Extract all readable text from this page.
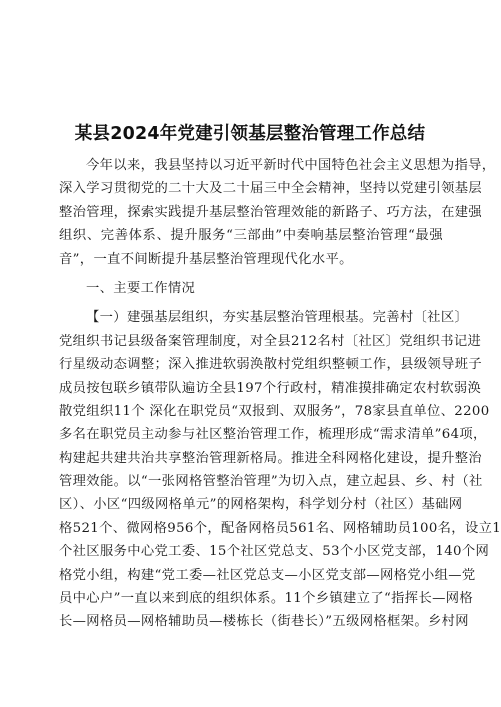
某县2024年党建引领基层整治管理工作总结
今年以来，我县坚持以习近平新时代中国特色社会主义思想为指导，
深入学习贯彻党的二十大及二十届三中全会精神，坚持以党建引领基层
整治管理，探索实践提升基层整治管理效能的新路子、巧方法，在建强
组织、完善体系、提升服务“三部曲”中奏响基层整治管理“最强
音”，一直不间断提升基层整治管理现代化水平。
一、主要工作情况
【一）建强基层组织，夯实基层整治管理根基。完善村〔社区〕
党组织书记县级备案管理制度，对全县212名村〔社区〕党组织书记进
行星级动态调整；深入推进软弱涣散村党组织整顿工作，县级领导班子
成员按包联乡镇带队遍访全县197个行政村，精准摸排确定农村软弱涣
散党组织11个 深化在职党员“双报到、双服务”，78家县直单位、2200
多名在职党员主动参与社区整治管理工作，梳理形成“需求清单”64项，
构建起共建共治共享整治管理新格局。推进全科网格化建设，提升整治
管理效能。以“一张网格管整治管理”为切入点，建立起县、乡、村（社
区）、小区“四级网格单元”的网格架构，科学划分村（社区）基础网
格521个、微网格956个，配备网格员561名、网格辅助员100名，设立1
个社区服务中心党工委、15个社区党总支、53个小区党支部，140个网
格党小组，构建“党工委—社区党总支—小区党支部—网格党小组—党
员中心户”一直以来到底的组织体系。11个乡镇建立了“指挥长—网格
长—网格员—网格辅助员—楼栋长（街巷长）”五级网格框架。乡村网
